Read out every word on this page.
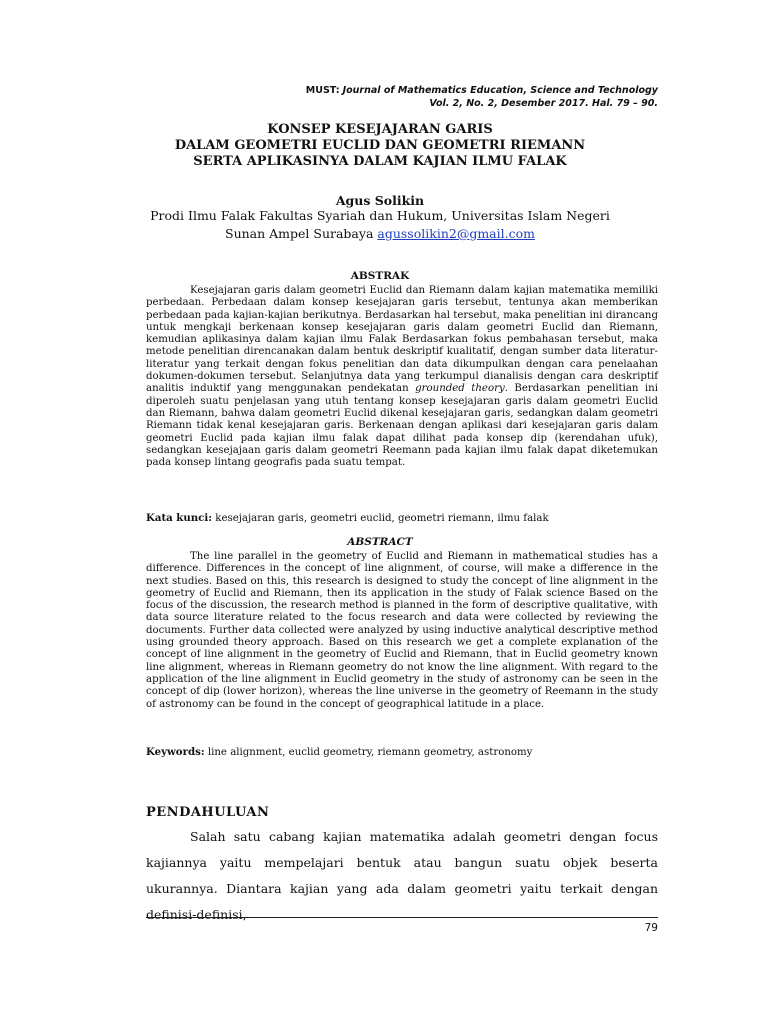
MUST: Journal of Mathematics Education, Science and Technology
Vol. 2, No. 2, Desember 2017. Hal. 79 – 90.
KONSEP KESEJAJARAN GARIS
DALAM GEOMETRI EUCLID DAN GEOMETRI RIEMANN
SERTA APLIKASINYA DALAM KAJIAN ILMU FALAK
Agus Solikin
Prodi Ilmu Falak Fakultas Syariah dan Hukum, Universitas Islam Negeri Sunan Ampel Surabaya agussolikin2@gmail.com
ABSTRAK

Kesejajaran garis dalam geometri Euclid dan Riemann dalam kajian matematika memiliki perbedaan. Perbedaan dalam konsep kesejajaran garis tersebut, tentunya akan memberikan perbedaan pada kajian-kajian berikutnya. Berdasarkan hal tersebut, maka penelitian ini dirancang untuk mengkaji berkenaan konsep kesejajaran garis dalam geometri Euclid dan Riemann, kemudian aplikasinya dalam kajian ilmu Falak Berdasarkan fokus pembahasan tersebut, maka metode penelitian direncanakan dalam bentuk deskriptif kualitatif, dengan sumber data literatur-literatur yang terkait dengan fokus penelitian dan data dikumpulkan dengan cara penelaahan dokumen-dokumen tersebut. Selanjutnya data yang terkumpul dianalisis dengan cara deskriptif analitis induktif yang menggunakan pendekatan grounded theory. Berdasarkan penelitian ini diperoleh suatu penjelasan yang utuh tentang konsep kesejajaran garis dalam geometri Euclid dan Riemann, bahwa dalam geometri Euclid dikenal kesejajaran garis, sedangkan dalam geometri Riemann tidak kenal kesejajaran garis. Berkenaan dengan aplikasi dari kesejajaran garis dalam geometri Euclid pada kajian ilmu falak dapat dilihat pada konsep dip (kerendahan ufuk), sedangkan kesejajaan garis dalam geometri Reemann pada kajian ilmu falak dapat diketemukan pada konsep lintang geografis pada suatu tempat.

Kata kunci: kesejajaran garis, geometri euclid, geometri riemann, ilmu falak
ABSTRACT

The line parallel in the geometry of Euclid and Riemann in mathematical studies has a difference. Differences in the concept of line alignment, of course, will make a difference in the next studies. Based on this, this research is designed to study the concept of line alignment in the geometry of Euclid and Riemann, then its application in the study of Falak science Based on the focus of the discussion, the research method is planned in the form of descriptive qualitative, with data source literature related to the focus research and data were collected by reviewing the documents. Further data collected were analyzed by using inductive analytical descriptive method using grounded theory approach. Based on this research we get a complete explanation of the concept of line alignment in the geometry of Euclid and Riemann, that in Euclid geometry known line alignment, whereas in Riemann geometry do not know the line alignment. With regard to the application of the line alignment in Euclid geometry in the study of astronomy can be seen in the concept of dip (lower horizon), whereas the line universe in the geometry of Reemann in the study of astronomy can be found in the concept of geographical latitude in a place.

Keywords: line alignment, euclid geometry, riemann geometry, astronomy
PENDAHULUAN

Salah satu cabang kajian matematika adalah geometri dengan focus kajiannya yaitu mempelajari bentuk atau bangun suatu objek beserta ukurannya. Diantara kajian yang ada dalam geometri yaitu terkait dengan definisi-definisi,

79
